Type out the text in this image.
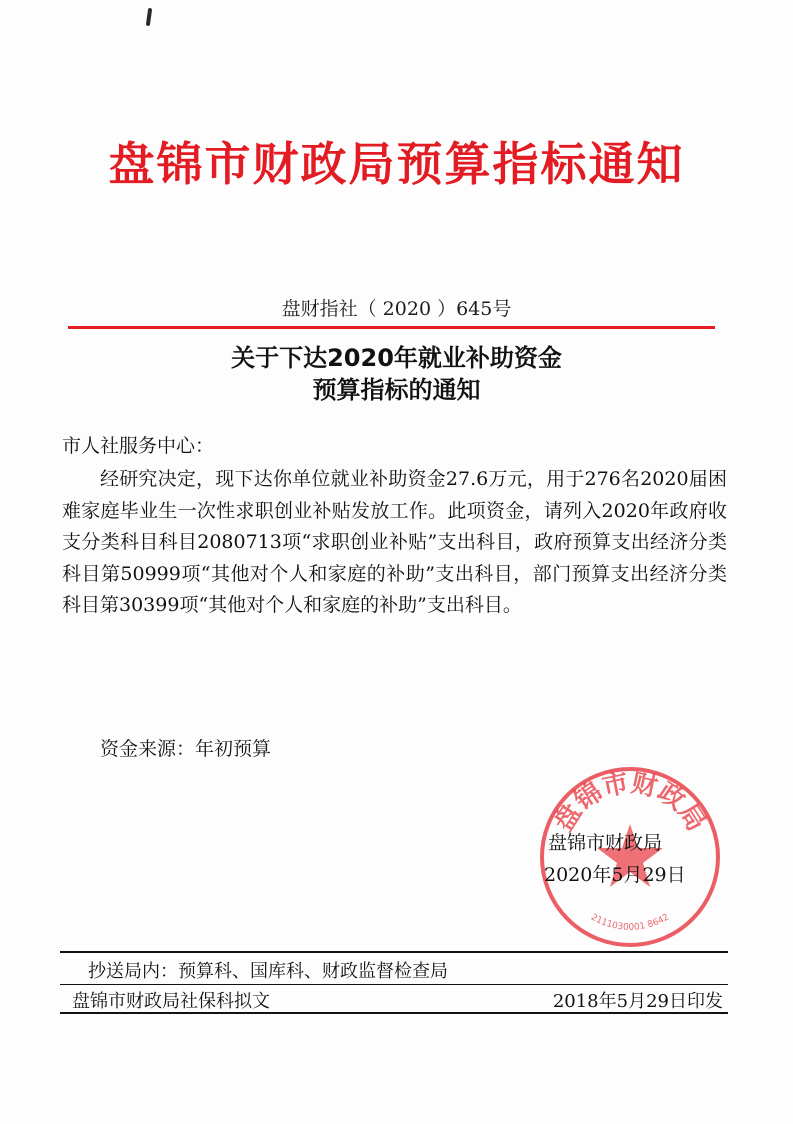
盘锦市财政局预算指标通知
盘财指社（ 2020 ）645号
关于下达2020年就业补助资金
预算指标的通知
市人社服务中心：
经研究决定，现下达你单位就业补助资金27.6万元，用于276名2020届困难家庭毕业生一次性求职创业补贴发放工作。此项资金，请列入2020年政府收支分类科目科目2080713项“求职创业补贴”支出科目，政府预算支出经济分类科目第50999项“其他对个人和家庭的补助”支出科目，部门预算支出经济分类科目第30399项“其他对个人和家庭的补助”支出科目。
资金来源：年初预算
盘锦市财政局
2111030001 8642
盘锦市财政局
2020年5月29日
抄送局内：预算科、国库科、财政监督检查局
盘锦市财政局社保科拟文	2018年5月29日印发
